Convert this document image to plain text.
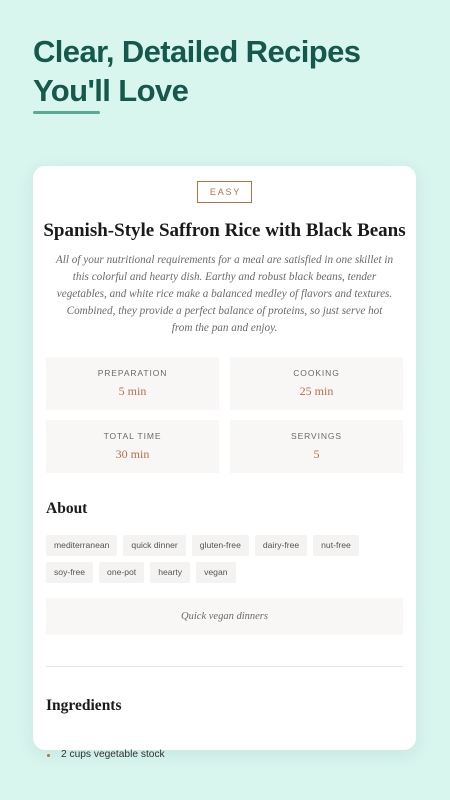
Clear, Detailed Recipes
You'll Love
EASY
Spanish-Style Saffron Rice with Black Beans

All of your nutritional requirements for a meal are satisfied in one skillet in this colorful and hearty dish. Earthy and robust black beans, tender vegetables, and white rice make a balanced medley of flavors and textures. Combined, they provide a perfect balance of proteins, so just serve hot from the pan and enjoy.

PREPARATION
5 min
COOKING
25 min
TOTAL TIME
30 min
SERVINGS
5
About
mediterranean	quick dinner	gluten-free	dairy-free	nut-free
soy-free	one-pot	hearty	vegan
Quick vegan dinners
Ingredients
2 cups vegetable stock
